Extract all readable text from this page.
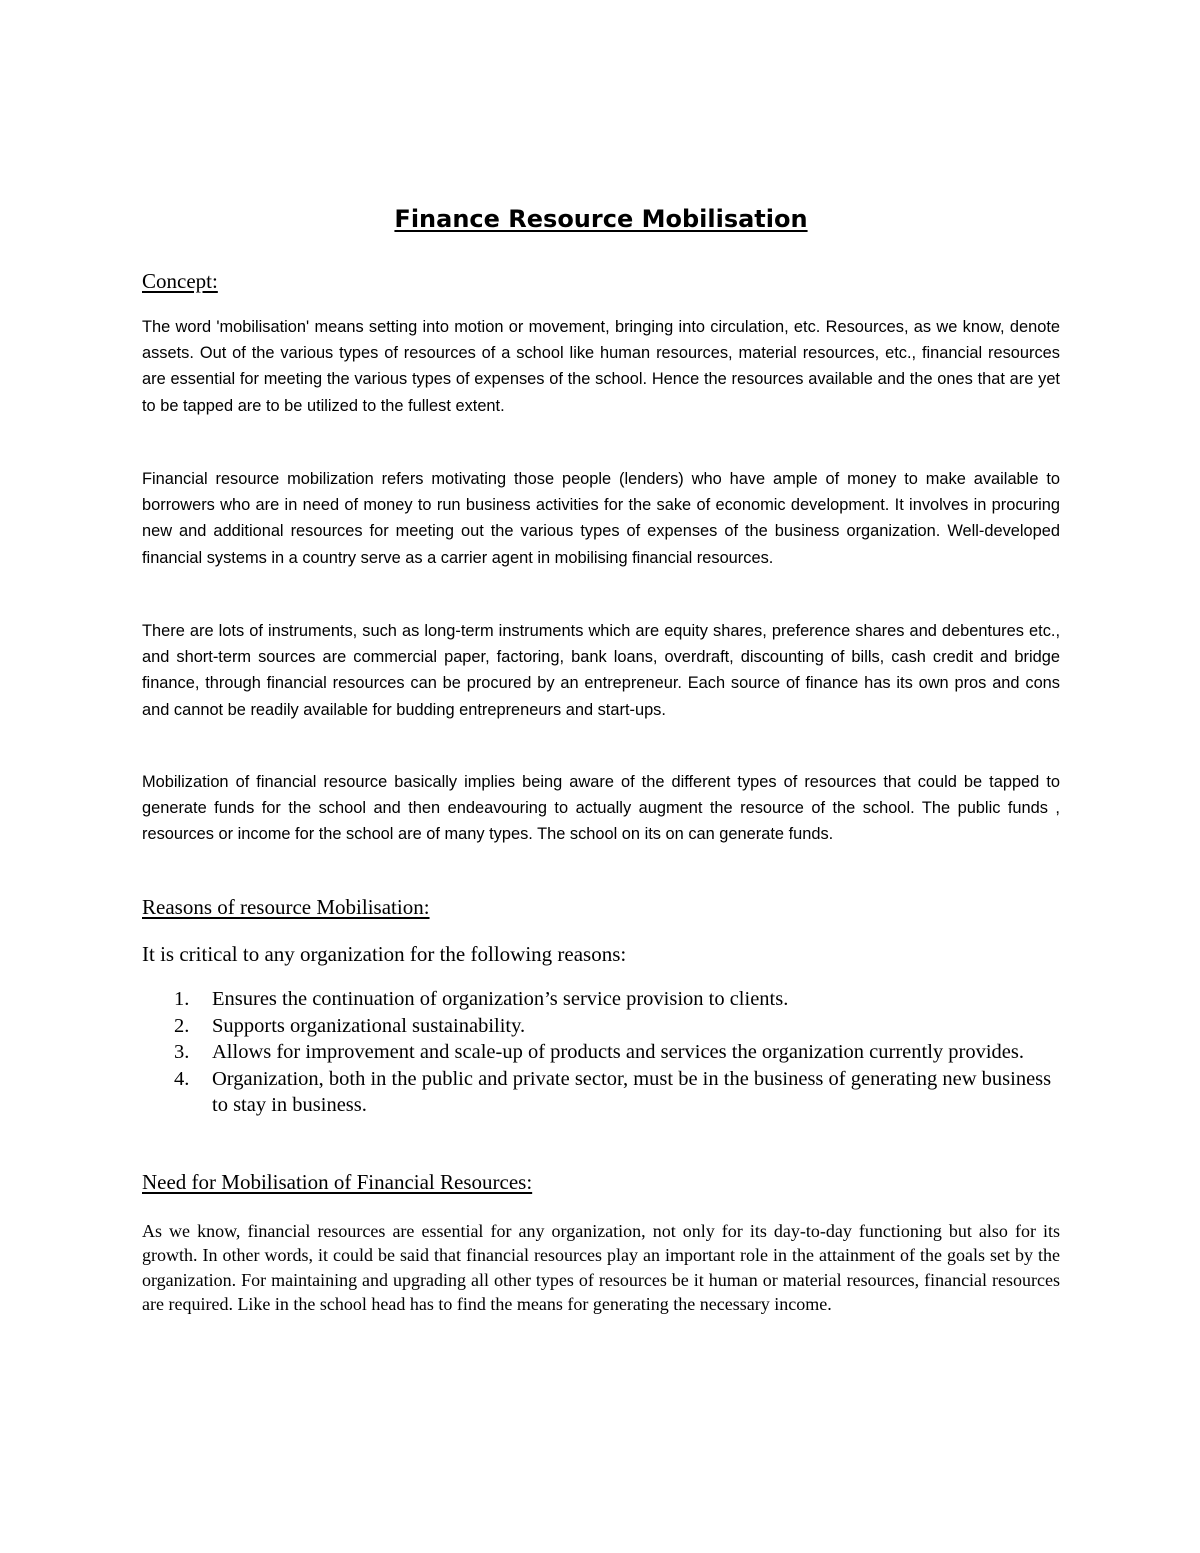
Finance Resource Mobilisation
Concept:

The word 'mobilisation' means setting into motion or movement, bringing into circulation, etc. Resources, as we know, denote assets. Out of the various types of resources of a school like human resources, material resources, etc., financial resources are essential for meeting the various types of expenses of the school. Hence the resources available and the ones that are yet to be tapped are to be utilized to the fullest extent.

Financial resource mobilization refers motivating those people (lenders) who have ample of money to make available to borrowers who are in need of money to run business activities for the sake of economic development. It involves in procuring new and additional resources for meeting out the various types of expenses of the business organization. Well-developed financial systems in a country serve as a carrier agent in mobilising financial resources.

There are lots of instruments, such as long-term instruments which are equity shares, preference shares and debentures etc., and short-term sources are commercial paper, factoring, bank loans, overdraft, discounting of bills, cash credit and bridge finance, through financial resources can be procured by an entrepreneur. Each source of finance has its own pros and cons and cannot be readily available for budding entrepreneurs and start-ups.

Mobilization of financial resource basically implies being aware of the different types of resources that could be tapped to generate funds for the school and then endeavouring to actually augment the resource of the school. The public funds , resources or income for the school are of many types. The school on its on can generate funds.

Reasons of resource Mobilisation:

It is critical to any organization for the following reasons:

1. Ensures the continuation of organization’s service provision to clients.
2. Supports organizational sustainability.
3. Allows for improvement and scale-up of products and services the organization currently provides.
4. Organization, both in the public and private sector, must be in the business of generating new business to stay in business.
Need for Mobilisation of Financial Resources:

As we know, financial resources are essential for any organization, not only for its day-to-day functioning but also for its growth. In other words, it could be said that financial resources play an important role in the attainment of the goals set by the organization. For maintaining and upgrading all other types of resources be it human or material resources, financial resources are required. Like in the school head has to find the means for generating the necessary income.
